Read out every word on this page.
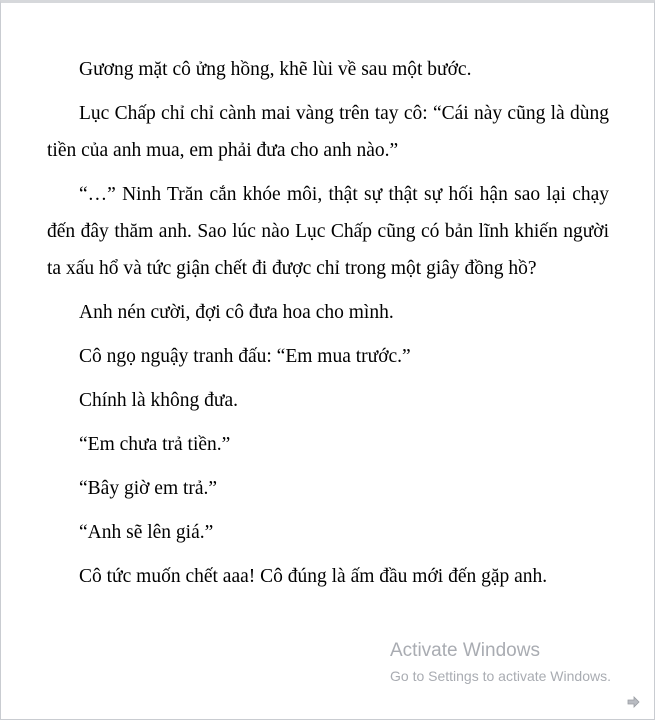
Gương mặt cô ửng hồng, khẽ lùi về sau một bước.

Lục Chấp chỉ chỉ cành mai vàng trên tay cô: “Cái này cũng là dùng tiền của anh mua, em phải đưa cho anh nào.”

“…” Ninh Trăn cắn khóe môi, thật sự thật sự hối hận sao lại chạy đến đây thăm anh. Sao lúc nào Lục Chấp cũng có bản lĩnh khiến người ta xấu hổ và tức giận chết đi được chỉ trong một giây đồng hồ?

Anh nén cười, đợi cô đưa hoa cho mình.

Cô ngọ nguậy tranh đấu: “Em mua trước.”

Chính là không đưa.

“Em chưa trả tiền.”

“Bây giờ em trả.”

“Anh sẽ lên giá.”

Cô tức muốn chết aaa! Cô đúng là ấm đầu mới đến gặp anh.

Activate Windows
Go to Settings to activate Windows.
